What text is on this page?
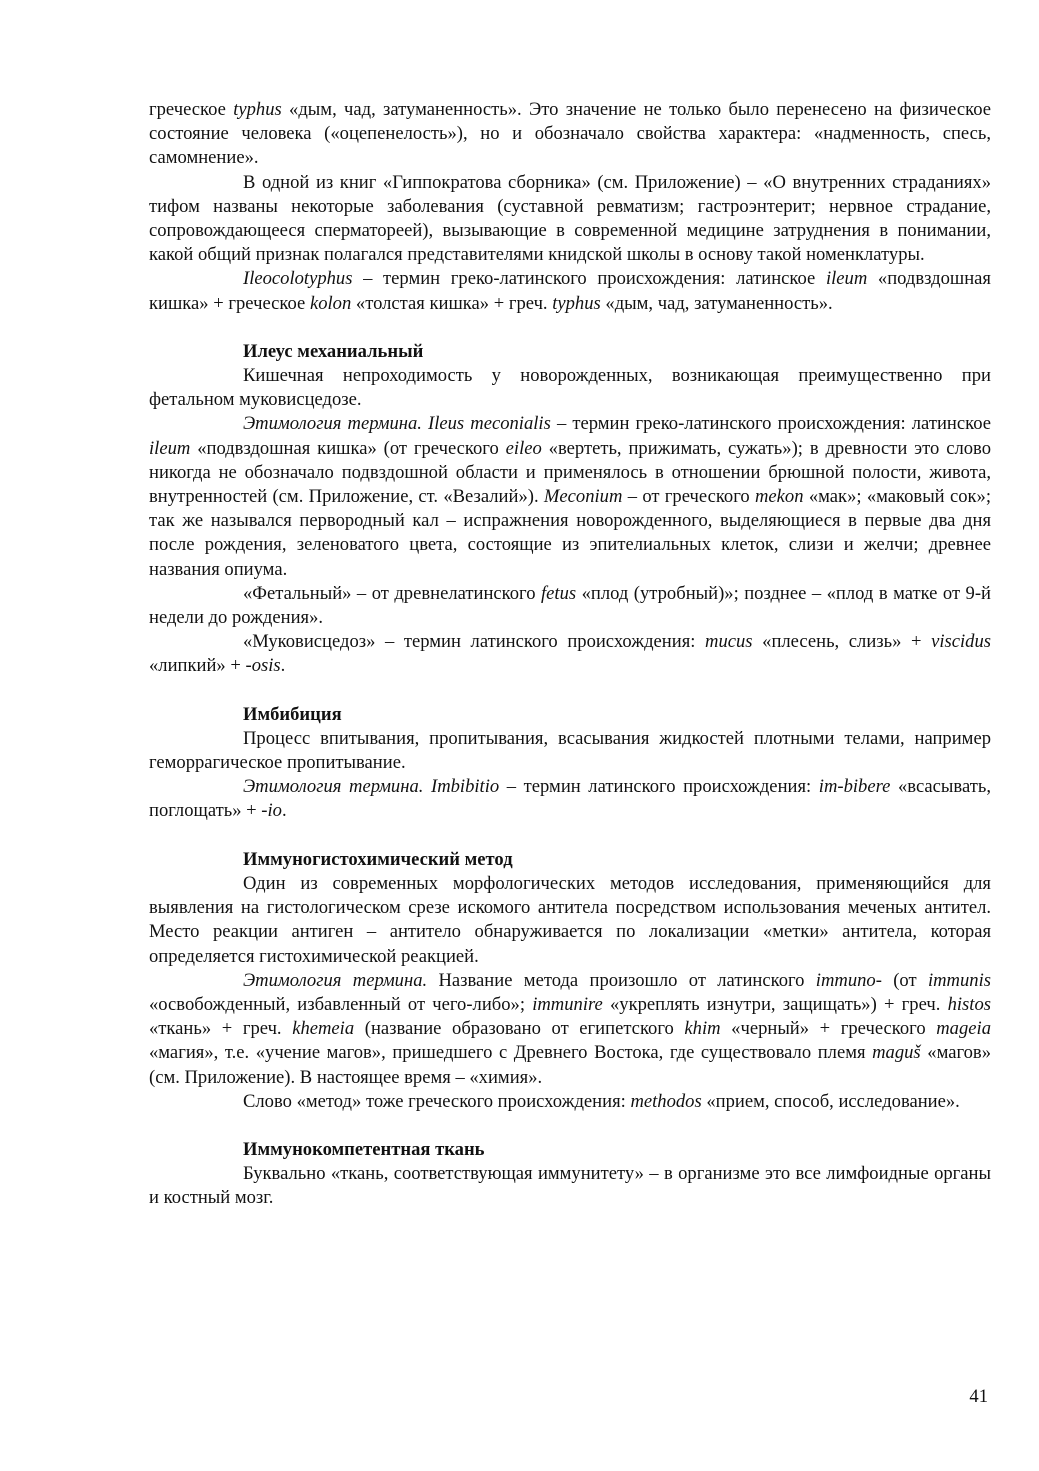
греческое typhus «дым, чад, затуманенность». Это значение не только было перенесено на физическое состояние человека («оцепенелость»), но и обозначало свойства характера: «надменность, спесь, самомнение».

В одной из книг «Гиппократова сборника» (см. Приложение) – «О внутренних страданиях» тифом названы некоторые заболевания (суставной ревматизм; гастроэнтерит; нервное страдание, сопровождающееся сперматореей), вызывающие в современной медицине затруднения в понимании, какой общий признак полагался представителями книдской школы в основу такой номенклатуры.

Ileocolotyphus – термин греко-латинского происхождения: латинское ileum «подвздошная кишка» + греческое kolon «толстая кишка» + греч. typhus «дым, чад, затуманенность».

Илеус механиальный

Кишечная непроходимость у новорожденных, возникающая преимущественно при фетальном муковисцедозе.

Этимология термина. Ileus meconialis – термин греко-латинского происхождения: латинское ileum «подвздошная кишка» (от греческого eileo «вертеть, прижимать, сужать»); в древности это слово никогда не обозначало подвздошной области и применялось в отношении брюшной полости, живота, внутренностей (см. Приложение, ст. «Везалий»). Meconium – от греческого mekon «мак»; «маковый сок»; так же назывался первородный кал – испражнения новорожденного, выделяющиеся в первые два дня после рождения, зеленоватого цвета, состоящие из эпителиальных клеток, слизи и желчи; древнее названия опиума.

«Фетальный» – от древнелатинского fetus «плод (утробный)»; позднее – «плод в матке от 9-й недели до рождения».

«Муковисцедоз» – термин латинского происхождения: mucus «плесень, слизь» + viscidus «липкий» + -osis.

Имбибиция

Процесс впитывания, пропитывания, всасывания жидкостей плотными телами, например геморрагическое пропитывание.

Этимология термина. Imbibitio – термин латинского происхождения: im-bibere «всасывать, поглощать» + -io.

Иммуногистохимический метод

Один из современных морфологических методов исследования, применяющийся для выявления на гистологическом срезе искомого антитела посредством использования меченых антител. Место реакции антиген – антитело обнаруживается по локализации «метки» антитела, которая определяется гистохимической реакцией.

Этимология термина. Название метода произошло от латинского immuno- (от immunis «освобожденный, избавленный от чего-либо»; immunire «укреплять изнутри, защищать») + греч. histos «ткань» + греч. khemeia (название образовано от египетского khim «черный» + греческого mageia «магия», т.е. «учение магов», пришедшего с Древнего Востока, где существовало племя maguš «магов» (см. Приложение). В настоящее время – «химия».

Слово «метод» тоже греческого происхождения: methodos «прием, способ, исследование».

Иммунокомпетентная ткань

Буквально «ткань, соответствующая иммунитету» – в организме это все лимфоидные органы и костный мозг.

41
